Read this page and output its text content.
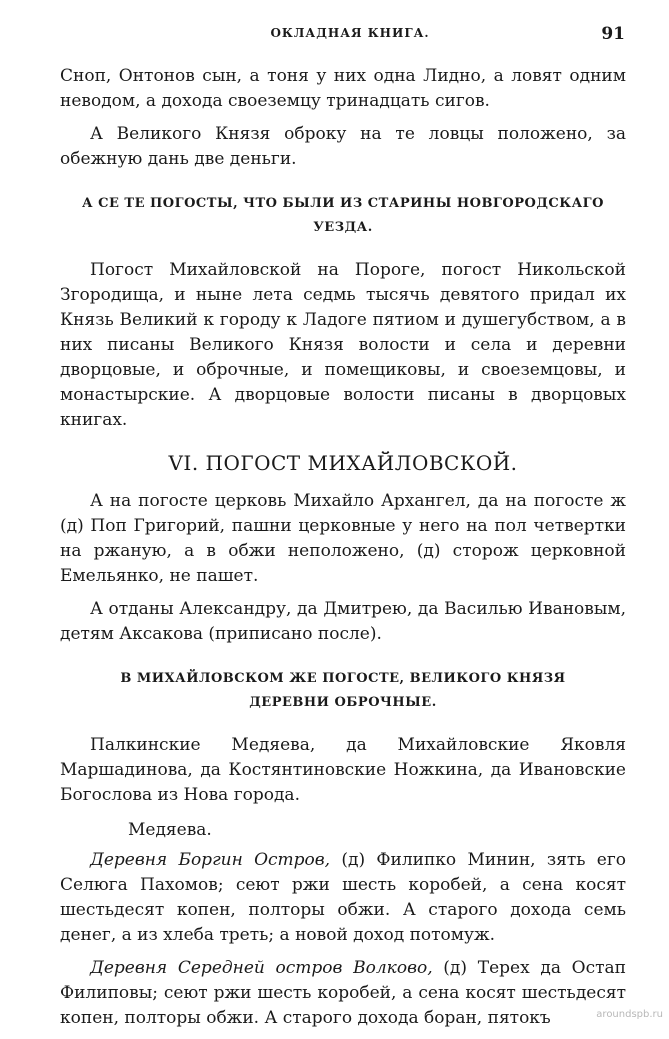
ОКЛАДНАЯ КНИГА.	91

Сноп, Онтонов сын, а тоня у них одна Лидно, а ловят одним неводом, а дохода своеземцу тринадцать сигов.

А Великого Князя оброку на те ловцы положено, за обежную дань две деньги.

А СЕ ТЕ ПОГОСТЫ, ЧТО БЫЛИ ИЗ СТАРИНЫ НОВГОРОДСКАГО УЕЗДА.

Погост Михайловской на Пороге, погост Никольской Згородища, и ныне лета седмь тысячь девятого придал их Князь Великий к городу к Ладоге пятиом и душегубством, а в них писаны Великого Князя волости и села и деревни дворцовые, и оброчные, и помещиковы, и своеземцовы, и монастырские. А дворцовые волости писаны в дворцовых книгах.

VI. ПОГОСТ МИХАЙЛОВСКОЙ.

А на погосте церковь Михайло Архангел, да на погосте ж (д) Поп Григорий, пашни церковные у него на пол четвертки на ржаную, а в обжи неположено, (д) сторож церковной Емельянко, не пашет.

А отданы Александру, да Дмитрею, да Василью Ивановым, детям Аксакова (приписано после).

В МИХАЙЛОВСКОМ ЖЕ ПОГОСТЕ, ВЕЛИКОГО КНЯЗЯ ДЕРЕВНИ ОБРОЧНЫЕ.

Палкинские Медяева, да Михайловские Яковля Маршадинова, да Костянтиновские Ножкина, да Ивановские Богослова из Нова города.

Медяева.

Деревня Боргин Остров, (д) Филипко Минин, зять его Селюга Пахомов; сеют ржи шесть коробей, а сена косят шестьдесят копен, полторы обжи. А старого дохода семь денег, а из хлеба треть; а новой доход потомуж.

Деревня Середней остров Волково, (д) Терех да Остап Филиповы; сеют ржи шесть коробей, а сена косят шестьдесят копен, полторы обжи. А старого дохода боран, пятокъ	aroundspb.ru
